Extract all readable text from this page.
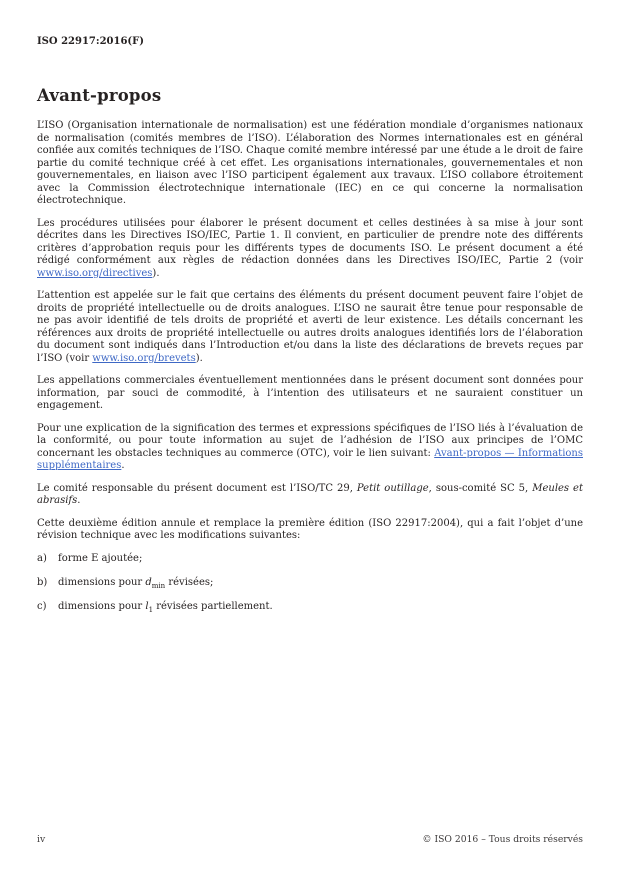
ISO 22917:2016(F)
Avant-propos

L’ISO (Organisation internationale de normalisation) est une fédération mondiale d’organismes nationaux de normalisation (comités membres de l’ISO). L’élaboration des Normes internationales est en général confiée aux comités techniques de l’ISO. Chaque comité membre intéressé par une étude a le droit de faire partie du comité technique créé à cet effet. Les organisations internationales, gouvernementales et non gouvernementales, en liaison avec l’ISO participent également aux travaux. L’ISO collabore étroitement avec la Commission électrotechnique internationale (IEC) en ce qui concerne la normalisation électrotechnique.

Les procédures utilisées pour élaborer le présent document et celles destinées à sa mise à jour sont décrites dans les Directives ISO/IEC, Partie 1. Il convient, en particulier de prendre note des différents critères d’approbation requis pour les différents types de documents ISO. Le présent document a été rédigé conformément aux règles de rédaction données dans les Directives ISO/IEC, Partie 2 (voir www.iso.org/directives).

L’attention est appelée sur le fait que certains des éléments du présent document peuvent faire l’objet de droits de propriété intellectuelle ou de droits analogues. L’ISO ne saurait être tenue pour responsable de ne pas avoir identifié de tels droits de propriété et averti de leur existence. Les détails concernant les références aux droits de propriété intellectuelle ou autres droits analogues identifiés lors de l’élaboration du document sont indiqués dans l’Introduction et/ou dans la liste des déclarations de brevets reçues par l’ISO (voir www.iso.org/brevets).

Les appellations commerciales éventuellement mentionnées dans le présent document sont données pour information, par souci de commodité, à l’intention des utilisateurs et ne sauraient constituer un engagement.

Pour une explication de la signification des termes et expressions spécifiques de l’ISO liés à l’évaluation de la conformité, ou pour toute information au sujet de l’adhésion de l’ISO aux principes de l’OMC concernant les obstacles techniques au commerce (OTC), voir le lien suivant: Avant-propos — Informations supplémentaires.

Le comité responsable du présent document est l’ISO/TC 29, Petit outillage, sous-comité SC 5, Meules et abrasifs.

Cette deuxième édition annule et remplace la première édition (ISO 22917:2004), qui a fait l’objet d’une révision technique avec les modifications suivantes:

a)	forme E ajoutée;
b)	dimensions pour $d_{min}$ révisées;
c)	dimensions pour $l_1$ révisées partiellement.
iv	© ISO 2016 – Tous droits réservés
